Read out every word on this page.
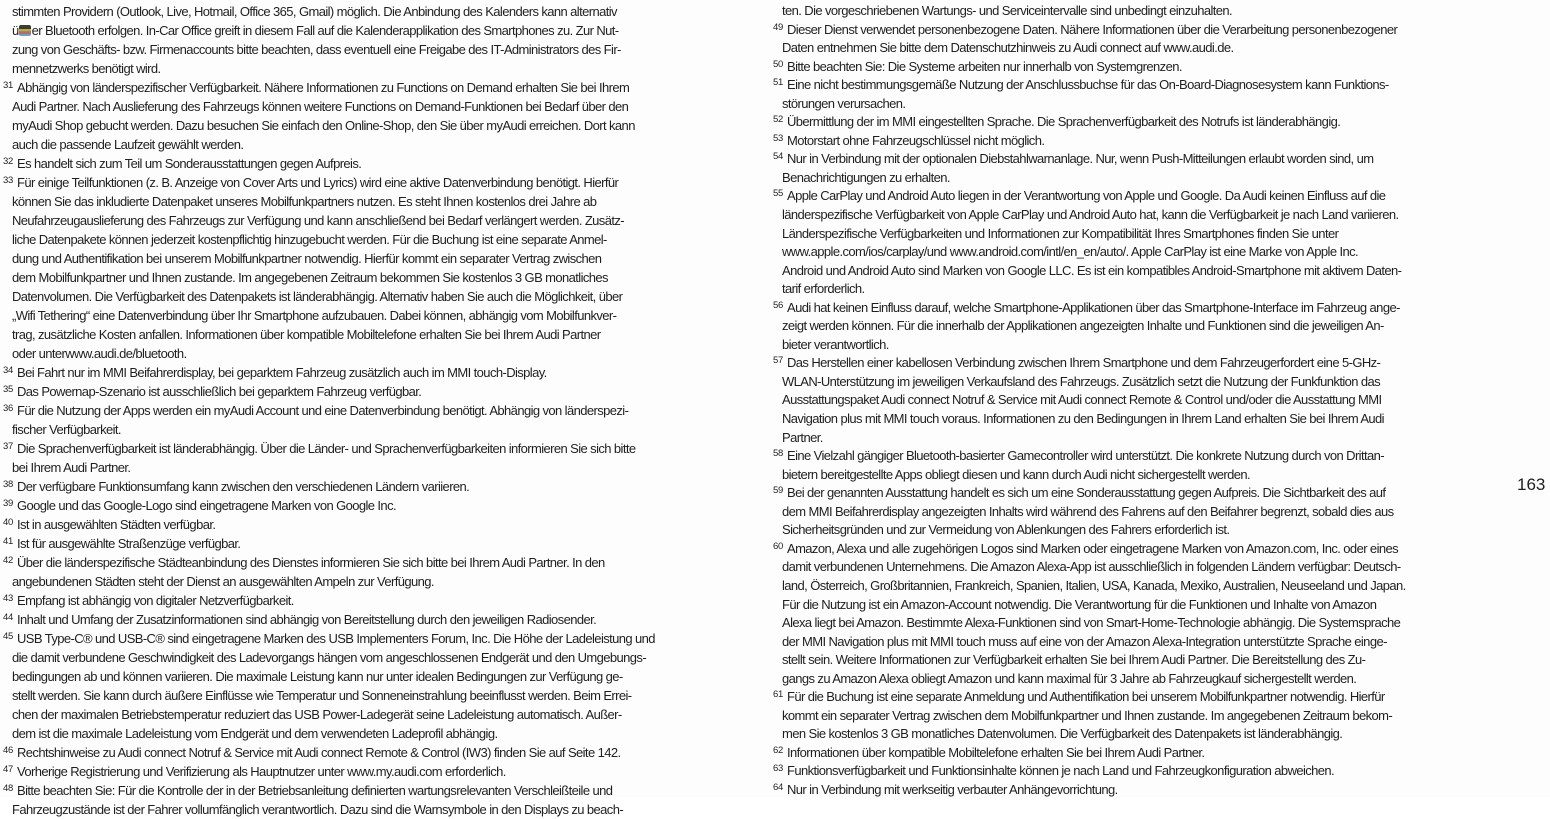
stimmten Providern (Outlook, Live, Hotmail, Office 365, Gmail) möglich. Die Anbindung des Kalenders kann alternativ
ü er Bluetooth erfolgen. In-Car Office greift in diesem Fall auf die Kalenderapplikation des Smartphones zu. Zur Nut-
zung von Geschäfts- bzw. Firmenaccounts bitte beachten, dass eventuell eine Freigabe des IT-Administrators des Fir-
mennetzwerks benötigt wird.
31 Abhängig von länderspezifischer Verfügbarkeit. Nähere Informationen zu Functions on Demand erhalten Sie bei Ihrem
Audi Partner. Nach Auslieferung des Fahrzeugs können weitere Functions on Demand-Funktionen bei Bedarf über den
myAudi Shop gebucht werden. Dazu besuchen Sie einfach den Online-Shop, den Sie über myAudi erreichen. Dort kann
auch die passende Laufzeit gewählt werden.
32 Es handelt sich zum Teil um Sonderausstattungen gegen Aufpreis.
33 Für einige Teilfunktionen (z. B. Anzeige von Cover Arts und Lyrics) wird eine aktive Datenverbindung benötigt. Hierfür
können Sie das inkludierte Datenpaket unseres Mobilfunkpartners nutzen. Es steht Ihnen kostenlos drei Jahre ab
Neufahrzeugauslieferung des Fahrzeugs zur Verfügung und kann anschließend bei Bedarf verlängert werden. Zusätz-
liche Datenpakete können jederzeit kostenpflichtig hinzugebucht werden. Für die Buchung ist eine separate Anmel-
dung und Authentifikation bei unserem Mobilfunkpartner notwendig. Hierfür kommt ein separater Vertrag zwischen
dem Mobilfunkpartner und Ihnen zustande. Im angegebenen Zeitraum bekommen Sie kostenlos 3 GB monatliches
Datenvolumen. Die Verfügbarkeit des Datenpakets ist länderabhängig. Alternativ haben Sie auch die Möglichkeit, über
„Wifi Tethering“ eine Datenverbindung über Ihr Smartphone aufzubauen. Dabei können, abhängig vom Mobilfunkver-
trag, zusätzliche Kosten anfallen. Informationen über kompatible Mobiltelefone erhalten Sie bei Ihrem Audi Partner
oder unterwww.audi.de/bluetooth.
34 Bei Fahrt nur im MMI Beifahrerdisplay, bei geparktem Fahrzeug zusätzlich auch im MMI touch-Display.
35 Das Powernap-Szenario ist ausschließlich bei geparktem Fahrzeug verfügbar.
36 Für die Nutzung der Apps werden ein myAudi Account und eine Datenverbindung benötigt. Abhängig von länderspezi-
fischer Verfügbarkeit.
37 Die Sprachenverfügbarkeit ist länderabhängig. Über die Länder- und Sprachenverfügbarkeiten informieren Sie sich bitte
bei Ihrem Audi Partner.
38 Der verfügbare Funktionsumfang kann zwischen den verschiedenen Ländern variieren.
39 Google und das Google-Logo sind eingetragene Marken von Google Inc.
40 Ist in ausgewählten Städten verfügbar.
41 Ist für ausgewählte Straßenzüge verfügbar.
42 Über die länderspezifische Städteanbindung des Dienstes informieren Sie sich bitte bei Ihrem Audi Partner. In den
angebundenen Städten steht der Dienst an ausgewählten Ampeln zur Verfügung.
43 Empfang ist abhängig von digitaler Netzverfügbarkeit.
44 Inhalt und Umfang der Zusatzinformationen sind abhängig von Bereitstellung durch den jeweiligen Radiosender.
45 USB Type-C® und USB-C® sind eingetragene Marken des USB Implementers Forum, Inc. Die Höhe der Ladeleistung und
die damit verbundene Geschwindigkeit des Ladevorgangs hängen vom angeschlossenen Endgerät und den Umgebungs-
bedingungen ab und können variieren. Die maximale Leistung kann nur unter idealen Bedingungen zur Verfügung ge-
stellt werden. Sie kann durch äußere Einflüsse wie Temperatur und Sonneneinstrahlung beeinflusst werden. Beim Errei-
chen der maximalen Betriebstemperatur reduziert das USB Power-Ladegerät seine Ladeleistung automatisch. Außer-
dem ist die maximale Ladeleistung vom Endgerät und dem verwendeten Ladeprofil abhängig.
46 Rechtshinweise zu Audi connect Notruf & Service mit Audi connect Remote & Control (IW3) finden Sie auf Seite 142.
47 Vorherige Registrierung und Verifizierung als Hauptnutzer unter www.my.audi.com erforderlich.
48 Bitte beachten Sie: Für die Kontrolle der in der Betriebsanleitung definierten wartungsrelevanten Verschleißteile und
Fahrzeugzustände ist der Fahrer vollumfänglich verantwortlich. Dazu sind die Warnsymbole in den Displays zu beach-
ten. Die vorgeschriebenen Wartungs- und Serviceintervalle sind unbedingt einzuhalten.
49 Dieser Dienst verwendet personenbezogene Daten. Nähere Informationen über die Verarbeitung personenbezogener
Daten entnehmen Sie bitte dem Datenschutzhinweis zu Audi connect auf www.audi.de.
50 Bitte beachten Sie: Die Systeme arbeiten nur innerhalb von Systemgrenzen.
51 Eine nicht bestimmungsgemäße Nutzung der Anschlussbuchse für das On-Board-Diagnosesystem kann Funktions-
störungen verursachen.
52 Übermittlung der im MMI eingestellten Sprache. Die Sprachenverfügbarkeit des Notrufs ist länderabhängig.
53 Motorstart ohne Fahrzeugschlüssel nicht möglich.
54 Nur in Verbindung mit der optionalen Diebstahlwarnanlage. Nur, wenn Push-Mitteilungen erlaubt worden sind, um
Benachrichtigungen zu erhalten.
55 Apple CarPlay und Android Auto liegen in der Verantwortung von Apple und Google. Da Audi keinen Einfluss auf die
länderspezifische Verfügbarkeit von Apple CarPlay und Android Auto hat, kann die Verfügbarkeit je nach Land variieren.
Länderspezifische Verfügbarkeiten und Informationen zur Kompatibilität Ihres Smartphones finden Sie unter
www.apple.com/ios/carplay/und www.android.com/intl/en_en/auto/. Apple CarPlay ist eine Marke von Apple Inc.
Android und Android Auto sind Marken von Google LLC. Es ist ein kompatibles Android-Smartphone mit aktivem Daten-
tarif erforderlich.
56 Audi hat keinen Einfluss darauf, welche Smartphone-Applikationen über das Smartphone-Interface im Fahrzeug ange-
zeigt werden können. Für die innerhalb der Applikationen angezeigten Inhalte und Funktionen sind die jeweiligen An-
bieter verantwortlich.
57 Das Herstellen einer kabellosen Verbindung zwischen Ihrem Smartphone und dem Fahrzeugerfordert eine 5-GHz-
WLAN-Unterstützung im jeweiligen Verkaufsland des Fahrzeugs. Zusätzlich setzt die Nutzung der Funkfunktion das
Ausstattungspaket Audi connect Notruf & Service mit Audi connect Remote & Control und/oder die Ausstattung MMI
Navigation plus mit MMI touch voraus. Informationen zu den Bedingungen in Ihrem Land erhalten Sie bei Ihrem Audi
Partner.
58 Eine Vielzahl gängiger Bluetooth-basierter Gamecontroller wird unterstützt. Die konkrete Nutzung durch von Drittan-
bietern bereitgestellte Apps obliegt diesen und kann durch Audi nicht sichergestellt werden.
59 Bei der genannten Ausstattung handelt es sich um eine Sonderausstattung gegen Aufpreis. Die Sichtbarkeit des auf
dem MMI Beifahrerdisplay angezeigten Inhalts wird während des Fahrens auf den Beifahrer begrenzt, sobald dies aus
Sicherheitsgründen und zur Vermeidung von Ablenkungen des Fahrers erforderlich ist.
60 Amazon, Alexa und alle zugehörigen Logos sind Marken oder eingetragene Marken von Amazon.com, Inc. oder eines
damit verbundenen Unternehmens. Die Amazon Alexa-App ist ausschließlich in folgenden Ländern verfügbar: Deutsch-
land, Österreich, Großbritannien, Frankreich, Spanien, Italien, USA, Kanada, Mexiko, Australien, Neuseeland und Japan.
Für die Nutzung ist ein Amazon-Account notwendig. Die Verantwortung für die Funktionen und Inhalte von Amazon
Alexa liegt bei Amazon. Bestimmte Alexa-Funktionen sind von Smart-Home-Technologie abhängig. Die Systemsprache
der MMI Navigation plus mit MMI touch muss auf eine von der Amazon Alexa-Integration unterstützte Sprache einge-
stellt sein. Weitere Informationen zur Verfügbarkeit erhalten Sie bei Ihrem Audi Partner. Die Bereitstellung des Zu-
gangs zu Amazon Alexa obliegt Amazon und kann maximal für 3 Jahre ab Fahrzeugkauf sichergestellt werden.
61 Für die Buchung ist eine separate Anmeldung und Authentifikation bei unserem Mobilfunkpartner notwendig. Hierfür
kommt ein separater Vertrag zwischen dem Mobilfunkpartner und Ihnen zustande. Im angegebenen Zeitraum bekom-
men Sie kostenlos 3 GB monatliches Datenvolumen. Die Verfügbarkeit des Datenpakets ist länderabhängig.
62 Informationen über kompatible Mobiltelefone erhalten Sie bei Ihrem Audi Partner.
63 Funktionsverfügbarkeit und Funktionsinhalte können je nach Land und Fahrzeugkonfiguration abweichen.
64 Nur in Verbindung mit werkseitig verbauter Anhängevorrichtung.
163
